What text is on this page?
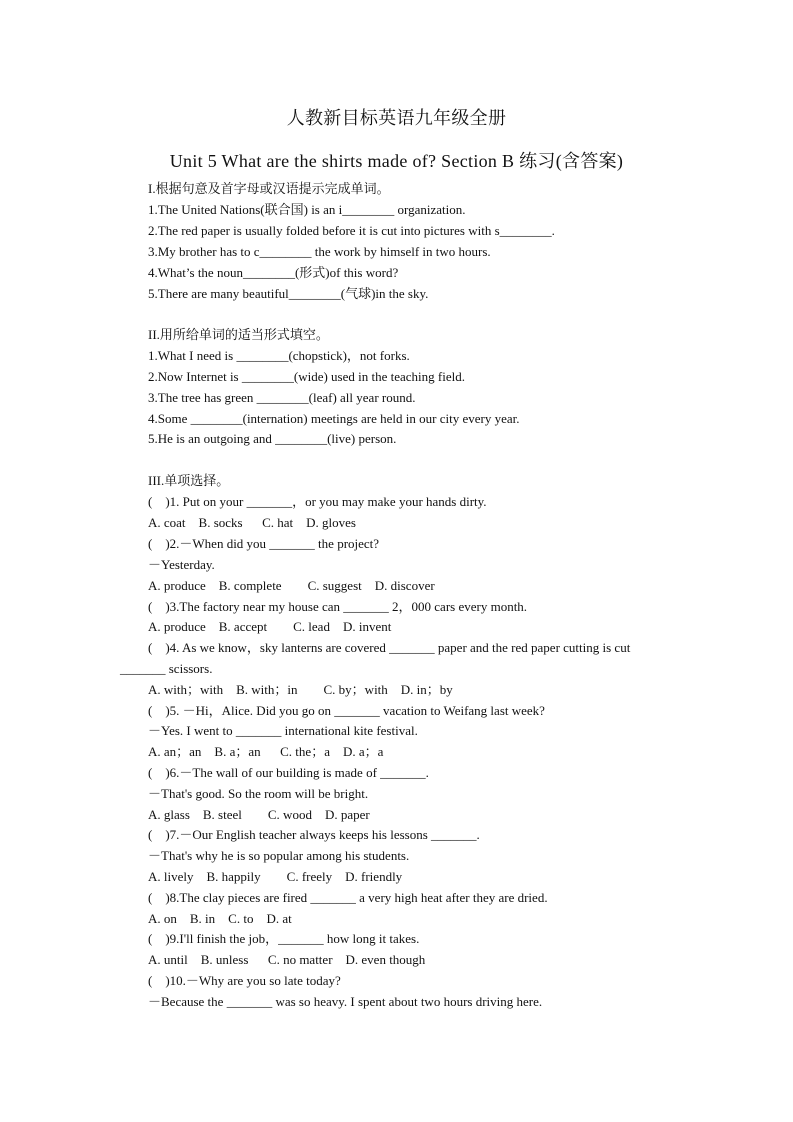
人教新目标英语九年级全册
Unit 5 What are the shirts made of? Section B 练习(含答案)
I.根据句意及首字母或汉语提示完成单词。
1.The United Nations(联合国) is an i________ organization.
2.The red paper is usually folded before it is cut into pictures with s________.
3.My brother has to c________ the work by himself in two hours.
4.What’s the noun________(形式)of this word?
5.There are many beautiful________(气球)in the sky.
II.用所给单词的适当形式填空。
1.What I need is ________(chopstick)，not forks.
2.Now Internet is ________(wide) used in the teaching field.
3.The tree has green ________(leaf) all year round.
4.Some ________(internation) meetings are held in our city every year.
5.He is an outgoing and ________(live) person.
III.单项选择。
(    )1. Put on your _______，or you may make your hands dirty.
A. coat    B. socks      C. hat    D. gloves
(    )2.－When did you _______ the project?
－Yesterday.
A. produce    B. complete        C. suggest    D. discover
(    )3.The factory near my house can _______ 2，000 cars every month.
A. produce    B. accept        C. lead    D. invent
(    )4. As we know，sky lanterns are covered _______ paper and the red paper cutting is cut
_______ scissors.
A. with；with    B. with；in        C. by；with    D. in；by
(    )5. －Hi，Alice. Did you go on _______ vacation to Weifang last week?
－Yes. I went to _______ international kite festival.
A. an；an    B. a；an      C. the；a    D. a；a
(    )6.－The wall of our building is made of _______.
－That's good. So the room will be bright.
A. glass    B. steel        C. wood    D. paper
(    )7.－Our English teacher always keeps his lessons _______.
－That's why he is so popular among his students.
A. lively    B. happily        C. freely    D. friendly
(    )8.The clay pieces are fired _______ a very high heat after they are dried.
A. on    B. in    C. to    D. at
(    )9.I'll finish the job，_______ how long it takes.
A. until    B. unless      C. no matter    D. even though
(    )10.－Why are you so late today?
－Because the _______ was so heavy. I spent about two hours driving here.
